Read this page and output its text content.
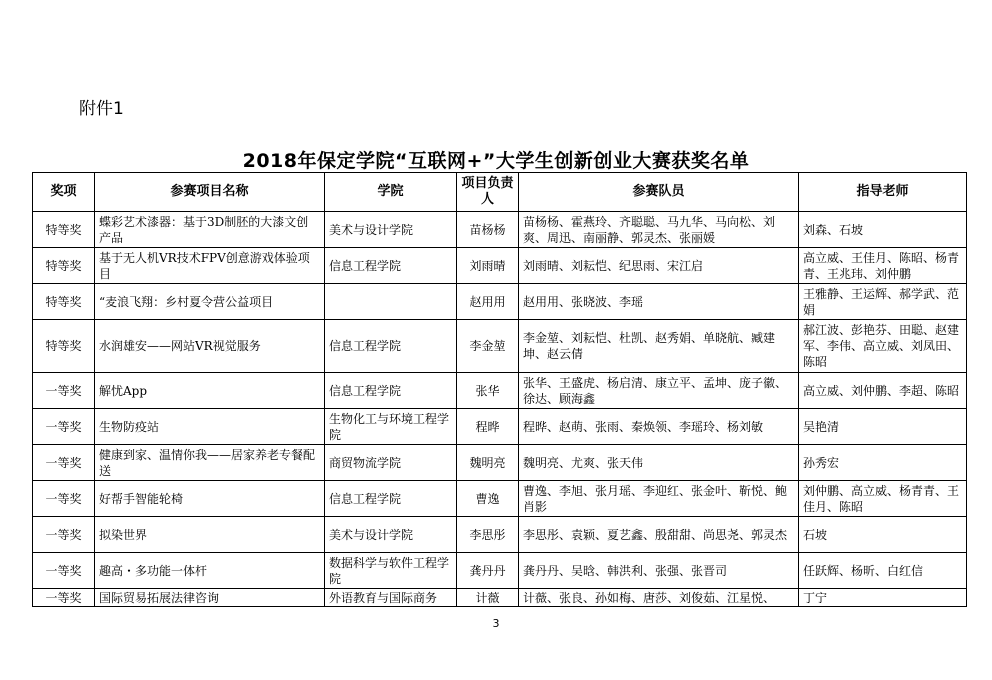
附件1
2018年保定学院“互联网+”大学生创新创业大赛获奖名单
奖项	参赛项目名称	学院	项目负责人	参赛队员	指导老师
特等奖	蝶彩艺术漆器：基于3D制胚的大漆文创产品	美术与设计学院	苗杨杨	苗杨杨、霍燕玲、齐聪聪、马九华、马向松、刘爽、周迅、南丽静、郭灵杰、张丽媛	刘森、石坡
特等奖	基于无人机VR技术FPV创意游戏体验项目	信息工程学院	刘雨晴	刘雨晴、刘耘恺、纪思雨、宋江启	高立威、王佳月、陈昭、杨青青、王兆玮、刘仲鹏
特等奖	“麦浪飞翔：乡村夏令营公益项目		赵用用	赵用用、张晓波、李瑶	王雅静、王运辉、郝学武、范娟
特等奖	水润雄安——网站VR视觉服务	信息工程学院	李金堃	李金堃、刘耘恺、杜凯、赵秀娟、单晓航、臧建坤、赵云倩	郝江波、彭艳芬、田聪、赵建军、李伟、高立威、刘凤田、陈昭
一等奖	解忧App	信息工程学院	张华	张华、王盛虎、杨启清、康立平、孟坤、庞子徽、徐达、顾海鑫	高立威、刘仲鹏、李超、陈昭
一等奖	生物防疫站	生物化工与环境工程学院	程晔	程晔、赵萌、张雨、秦焕领、李瑶玲、杨刘敏	吴艳清
一等奖	健康到家、温情你我——居家养老专餐配送	商贸物流学院	魏明亮	魏明亮、尤爽、张天伟	孙秀宏
一等奖	好帮手智能轮椅	信息工程学院	曹逸	曹逸、李旭、张月瑶、李迎红、张金叶、靳悦、鲍肖影	刘仲鹏、高立威、杨青青、王佳月、陈昭
一等奖	拟染世界	美术与设计学院	李思彤	李思彤、袁颖、夏艺鑫、殷甜甜、尚思尧、郭灵杰	石坡
一等奖	趣高・多功能一体杆	数据科学与软件工程学院	龚丹丹	龚丹丹、吴晗、韩洪利、张强、张晋司	任跃辉、杨昕、白红信
一等奖	国际贸易拓展法律咨询	外语教育与国际商务	计薇	计薇、张良、孙如梅、唐莎、刘俊茹、江星悦、	丁宁
3
